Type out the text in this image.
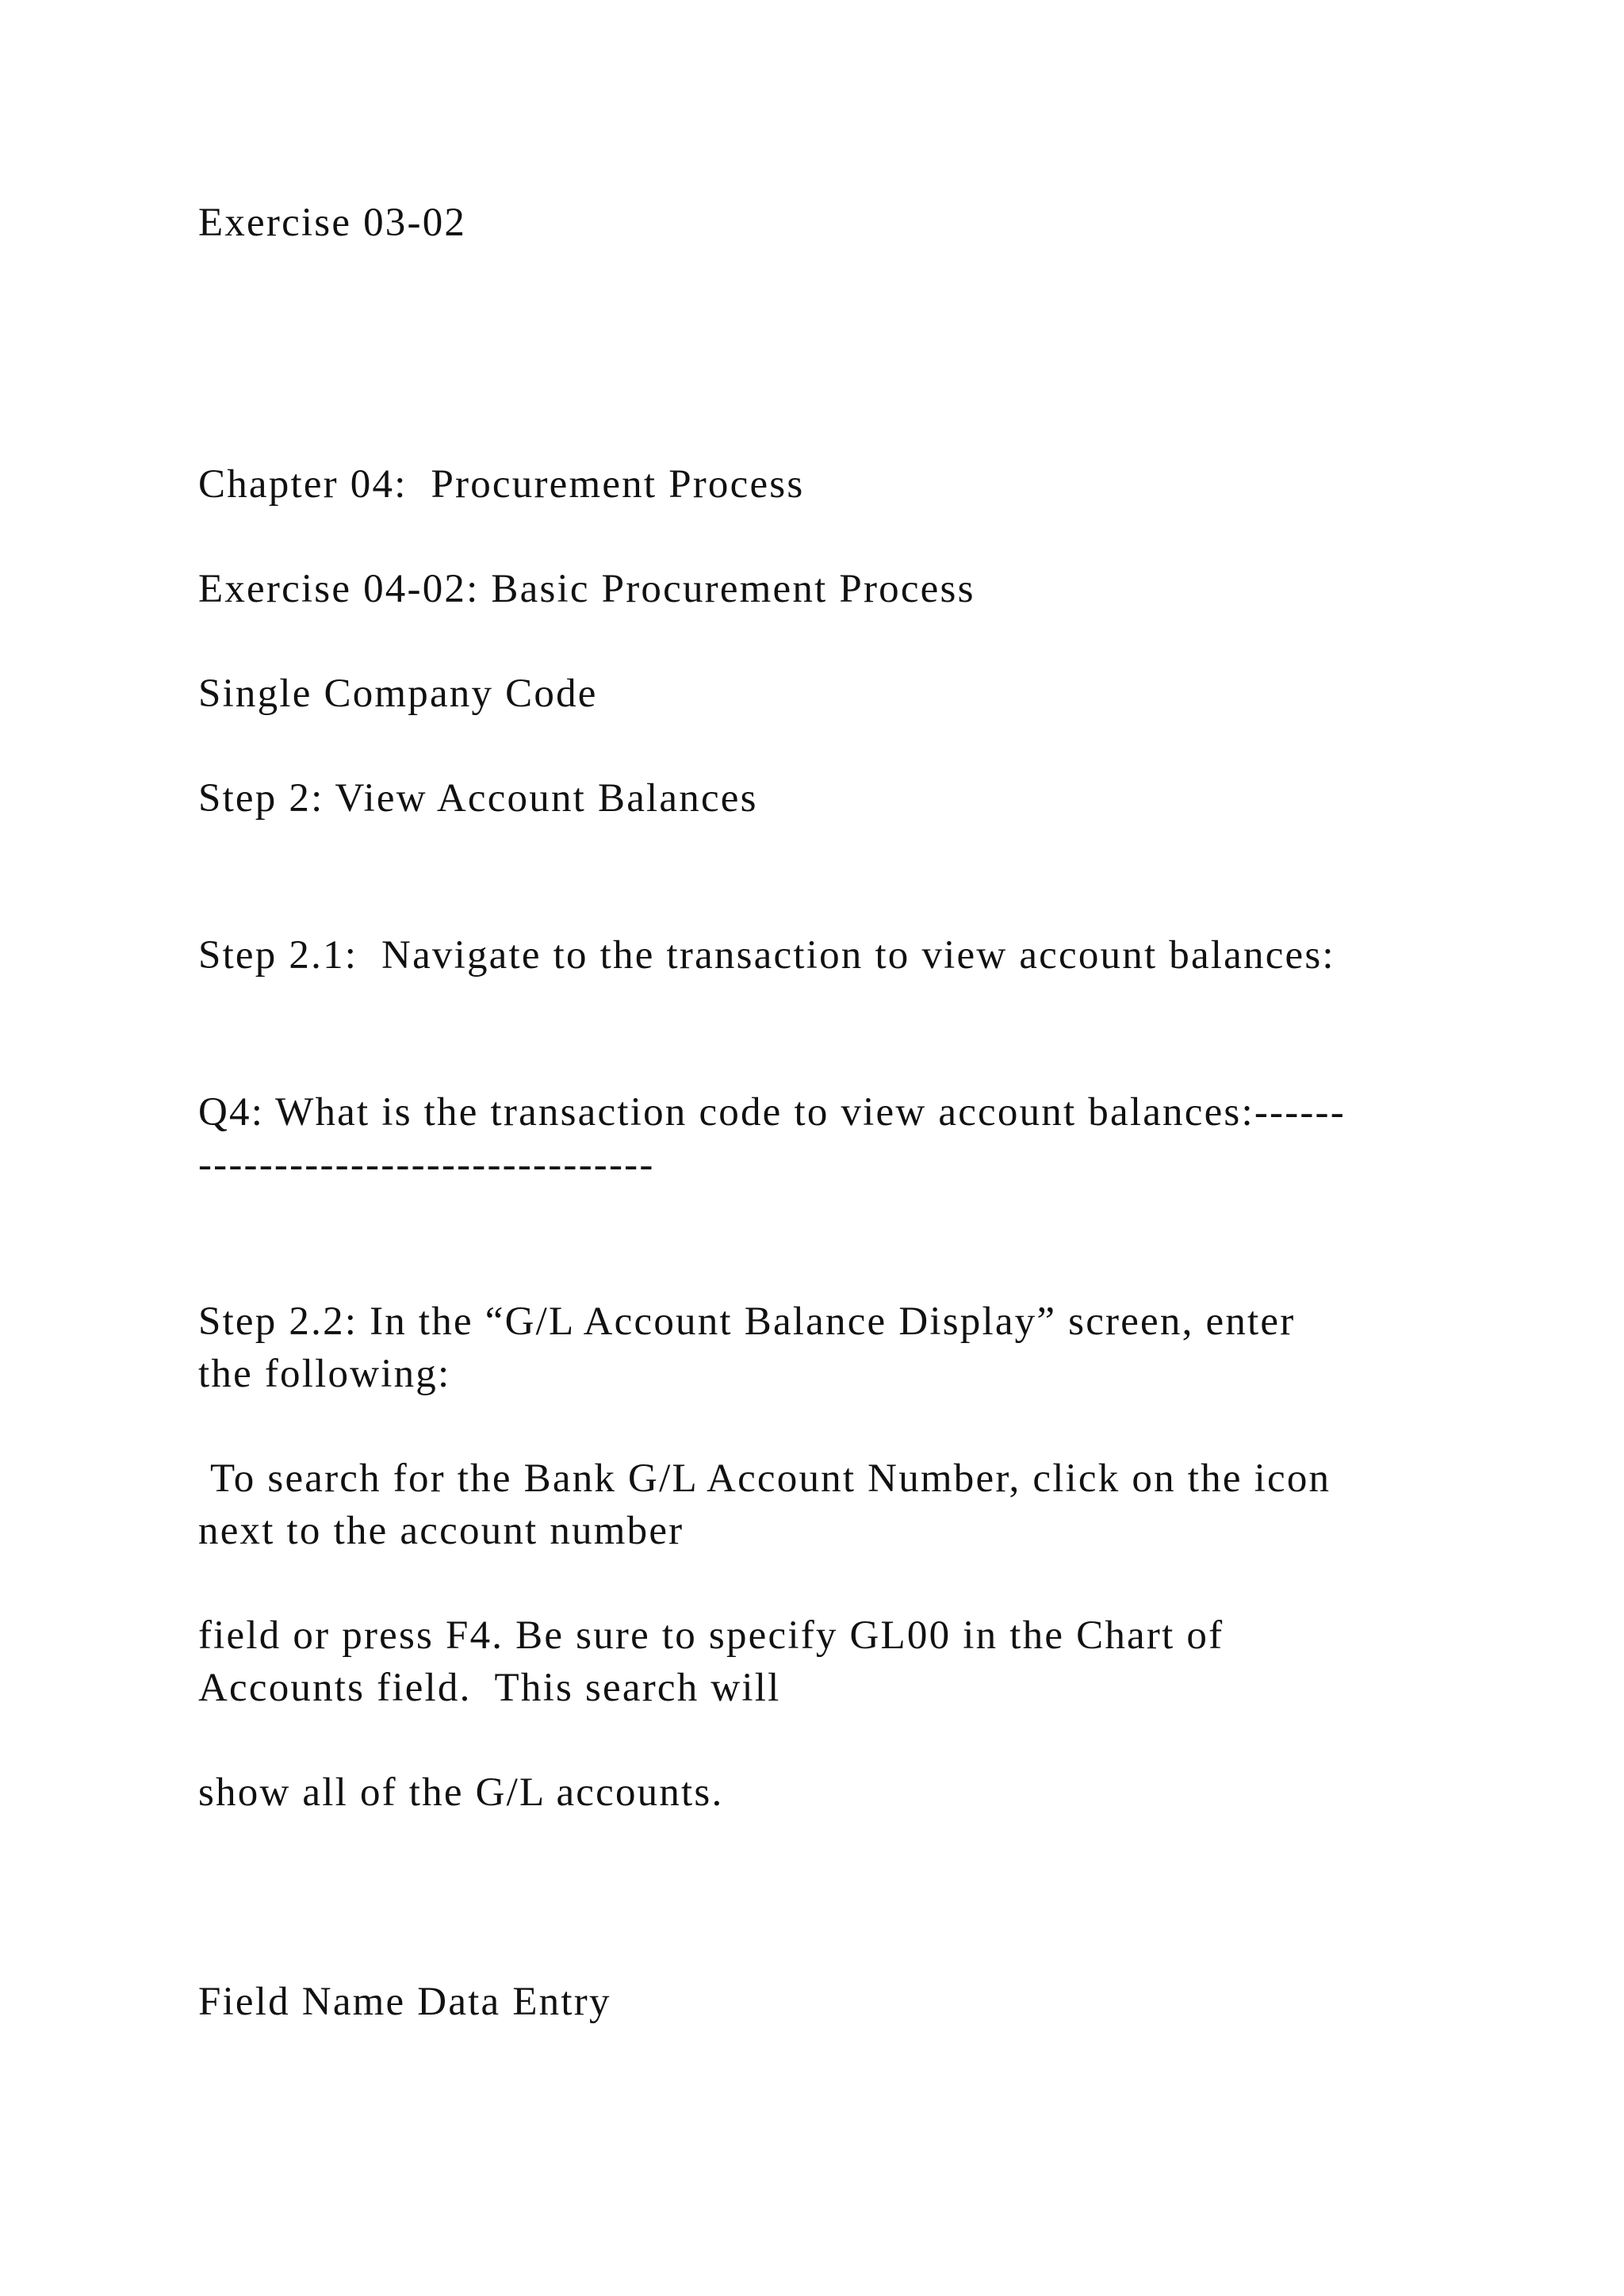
Exercise 03-02

Chapter 04:  Procurement Process

Exercise 04-02: Basic Procurement Process

Single Company Code

Step 2: View Account Balances

Step 2.1:  Navigate to the transaction to view account balances:

Q4: What is the transaction code to view account balances:------
------------------------------

Step 2.2: In the “G/L Account Balance Display” screen, enter
the following:

To search for the Bank G/L Account Number, click on the icon
next to the account number

field or press F4. Be sure to specify GL00 in the Chart of
Accounts field.  This search will

show all of the G/L accounts.

Field Name Data Entry
